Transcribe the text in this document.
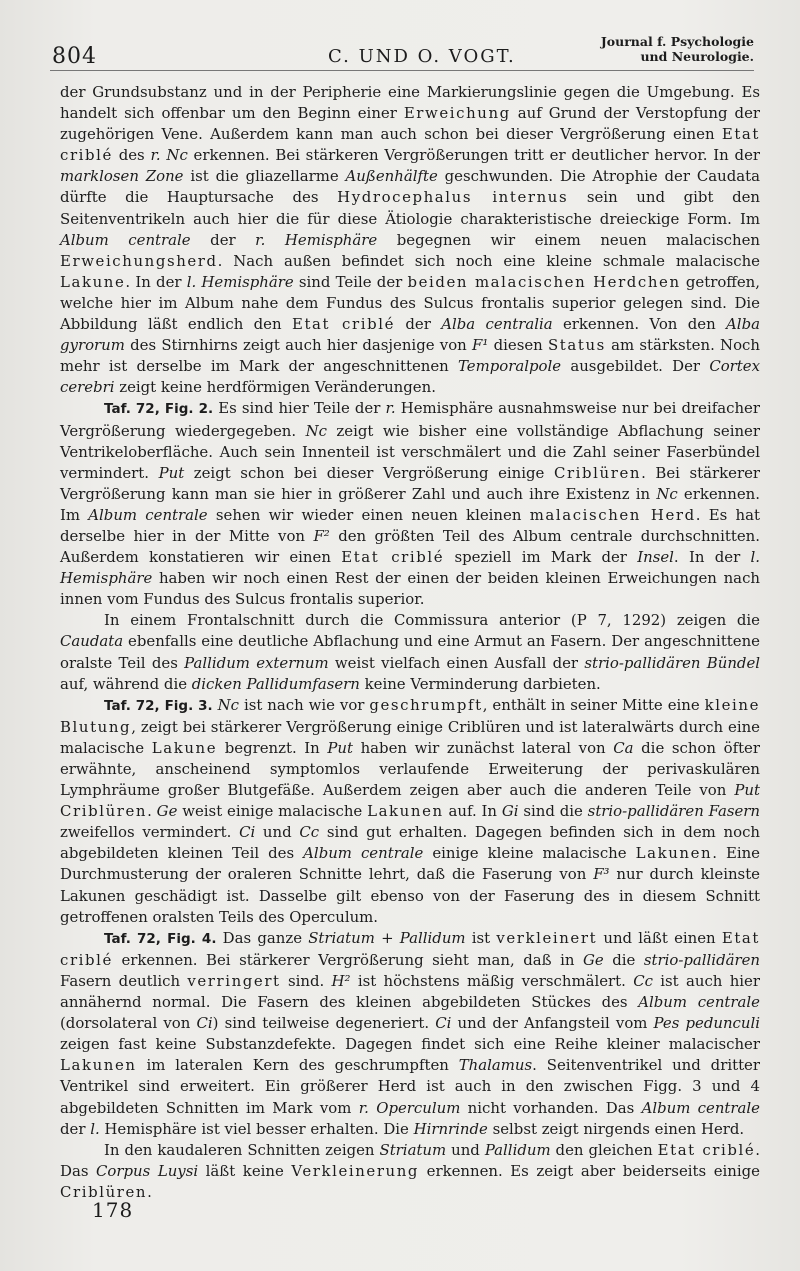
804	C. UND O. VOGT.
Journal f. Psychologie
und Neurologie.

der Grundsubstanz und in der Peripherie eine Markierungslinie gegen die Umgebung. Es handelt sich offenbar um den Beginn einer Erweichung auf Grund der Verstopfung der zugehörigen Vene. Außerdem kann man auch schon bei dieser Vergrößerung einen Etat criblé des r. Nc erkennen. Bei stärkeren Vergrößerungen tritt er deutlicher hervor. In der marklosen Zone ist die gliazellarme Außenhälfte geschwunden. Die Atrophie der Caudata dürfte die Hauptursache des Hydrocephalus internus sein und gibt den Seitenventrikeln auch hier die für diese Ätiologie charakteristische dreieckige Form. Im Album centrale der r. Hemisphäre begegnen wir einem neuen malacischen Erweichungsherd. Nach außen befindet sich noch eine kleine schmale malacische Lakune. In der l. Hemisphäre sind Teile der beiden malacischen Herdchen getroffen, welche hier im Album nahe dem Fundus des Sulcus frontalis superior gelegen sind. Die Abbildung läßt endlich den Etat criblé der Alba centralia erkennen. Von den Alba gyrorum des Stirnhirns zeigt auch hier dasjenige von F¹ diesen Status am stärksten. Noch mehr ist derselbe im Mark der angeschnittenen Temporalpole ausgebildet. Der Cortex cerebri zeigt keine herdförmigen Veränderungen.

Taf. 72, Fig. 2. Es sind hier Teile der r. Hemisphäre ausnahmsweise nur bei dreifacher Vergrößerung wiedergegeben. Nc zeigt wie bisher eine vollständige Abflachung seiner Ventrikeloberfläche. Auch sein Innenteil ist verschmälert und die Zahl seiner Faserbündel vermindert. Put zeigt schon bei dieser Vergrößerung einige Criblüren. Bei stärkerer Vergrößerung kann man sie hier in größerer Zahl und auch ihre Existenz in Nc erkennen. Im Album centrale sehen wir wieder einen neuen kleinen malacischen Herd. Es hat derselbe hier in der Mitte von F² den größten Teil des Album centrale durchschnitten. Außerdem konstatieren wir einen Etat criblé speziell im Mark der Insel. In der l. Hemisphäre haben wir noch einen Rest der einen der beiden kleinen Erweichungen nach innen vom Fundus des Sulcus frontalis superior.

In einem Frontalschnitt durch die Commissura anterior (P 7, 1292) zeigen die Caudata ebenfalls eine deutliche Abflachung und eine Armut an Fasern. Der angeschnittene oralste Teil des Pallidum externum weist vielfach einen Ausfall der strio-pallidären Bündel auf, während die dicken Pallidumfasern keine Verminderung darbieten.

Taf. 72, Fig. 3. Nc ist nach wie vor geschrumpft, enthält in seiner Mitte eine kleine Blutung, zeigt bei stärkerer Vergrößerung einige Criblüren und ist lateralwärts durch eine malacische Lakune begrenzt. In Put haben wir zunächst lateral von Ca die schon öfter erwähnte, anscheinend symptomlos verlaufende Erweiterung der perivaskulären Lymphräume großer Blutgefäße. Außerdem zeigen aber auch die anderen Teile von Put Criblüren. Ge weist einige malacische Lakunen auf. In Gi sind die strio-pallidären Fasern zweifellos vermindert. Ci und Cc sind gut erhalten. Dagegen befinden sich in dem noch abgebildeten kleinen Teil des Album centrale einige kleine malacische Lakunen. Eine Durchmusterung der oraleren Schnitte lehrt, daß die Faserung von F³ nur durch kleinste Lakunen geschädigt ist. Dasselbe gilt ebenso von der Faserung des in diesem Schnitt getroffenen oralsten Teils des Operculum.

Taf. 72, Fig. 4. Das ganze Striatum + Pallidum ist verkleinert und läßt einen Etat criblé erkennen. Bei stärkerer Vergrößerung sieht man, daß in Ge die strio-pallidären Fasern deutlich verringert sind. H² ist höchstens mäßig verschmälert. Cc ist auch hier annähernd normal. Die Fasern des kleinen abgebildeten Stückes des Album centrale (dorsolateral von Ci) sind teilweise degeneriert. Ci und der Anfangsteil vom Pes pedunculi zeigen fast keine Substanzdefekte. Dagegen findet sich eine Reihe kleiner malacischer Lakunen im lateralen Kern des geschrumpften Thalamus. Seitenventrikel und dritter Ventrikel sind erweitert. Ein größerer Herd ist auch in den zwischen Figg. 3 und 4 abgebildeten Schnitten im Mark vom r. Operculum nicht vorhanden. Das Album centrale der l. Hemisphäre ist viel besser erhalten. Die Hirnrinde selbst zeigt nirgends einen Herd.

In den kaudaleren Schnitten zeigen Striatum und Pallidum den gleichen Etat criblé. Das Corpus Luysi läßt keine Verkleinerung erkennen. Es zeigt aber beiderseits einige Criblüren.

178
